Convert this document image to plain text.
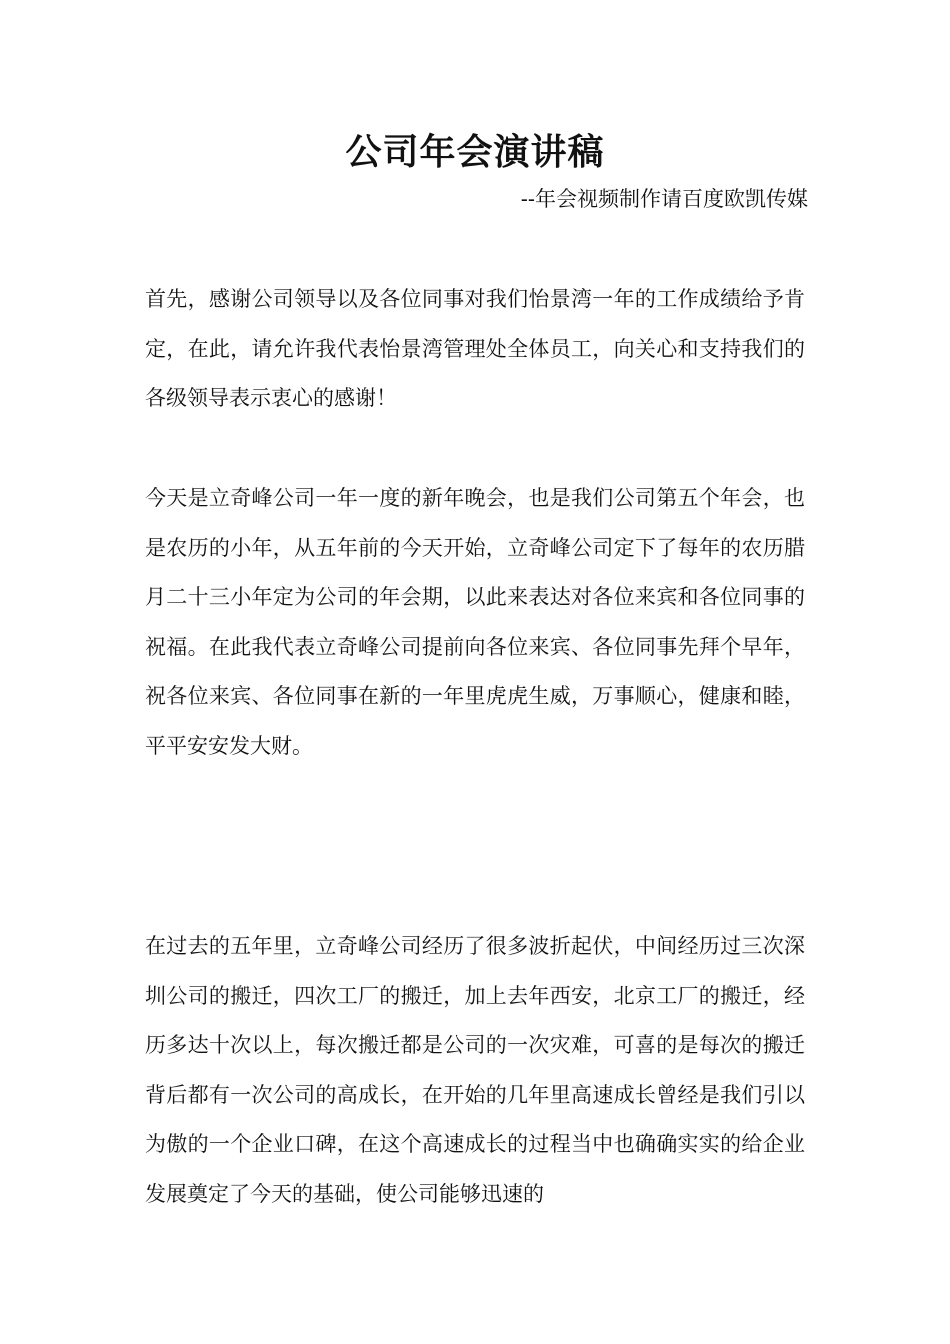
公司年会演讲稿
--年会视频制作请百度欧凯传媒

首先，感谢公司领导以及各位同事对我们怡景湾一年的工作成绩给予肯定，在此，请允许我代表怡景湾管理处全体员工，向关心和支持我们的各级领导表示衷心的感谢！

今天是立奇峰公司一年一度的新年晚会，也是我们公司第五个年会，也是农历的小年，从五年前的今天开始，立奇峰公司定下了每年的农历腊月二十三小年定为公司的年会期，以此来表达对各位来宾和各位同事的祝福。在此我代表立奇峰公司提前向各位来宾、各位同事先拜个早年，祝各位来宾、各位同事在新的一年里虎虎生威，万事顺心，健康和睦，平平安安发大财。

在过去的五年里，立奇峰公司经历了很多波折起伏，中间经历过三次深圳公司的搬迁，四次工厂的搬迁，加上去年西安，北京工厂的搬迁，经历多达十次以上，每次搬迁都是公司的一次灾难，可喜的是每次的搬迁背后都有一次公司的高成长，在开始的几年里高速成长曾经是我们引以为傲的一个企业口碑，在这个高速成长的过程当中也确确实实的给企业发展奠定了今天的基础，使公司能够迅速的
